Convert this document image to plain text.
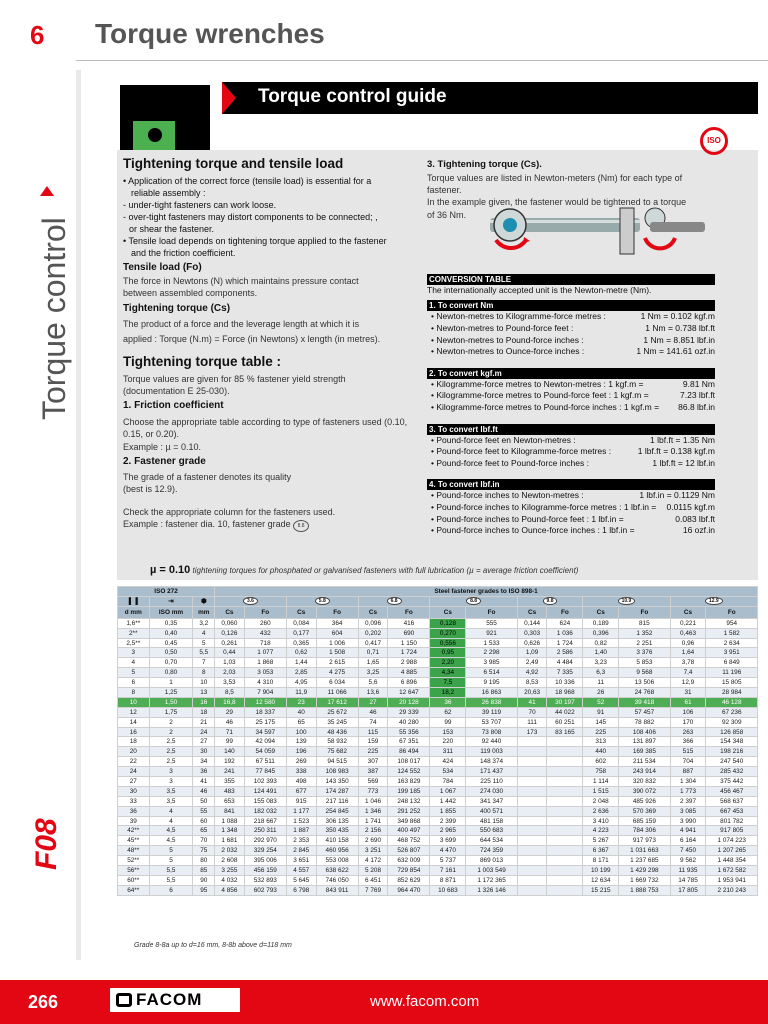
6 Torque wrenches
Torque control
F08
Torque control guide
ISO
Tightening torque and tensile load
• Application of the correct force (tensile load) is essential for a
reliable assembly :
- under-tight fasteners can work loose.
- over-tight fasteners may distort components to be connected; ,
or shear the fastener.
• Tensile load depends on tightening torque applied to the fastener
and the friction coefficient.
Tensile load (Fo)
The force in Newtons (N) which maintains pressure contact
between assembled components.
Tightening torque (Cs)
The product of a force and the leverage length at which it is
applied : Torque (N.m) = Force (in Newtons) x length (in metres).
Tightening torque table :
Torque values are given for 85 % fastener yield strength
(documentation E 25-030).
1. Friction coefficient
Choose the appropriate table according to type of fasteners used (0.10,
0.15, or 0.20).
Example : µ = 0.10.
2. Fastener grade
The grade of a fastener denotes its quality
(best is 12.9).
Check the appropriate column for the fasteners used.
Example : fastener dia. 10, fastener grade 8.8
3. Tightening torque (Cs).
Torque values are listed in Newton-meters (Nm) for each type of fastener.
In the example given, the fastener would be tightened to a torque
of 36 Nm.
CONVERSION TABLE
The internationally accepted unit is the Newton-metre (Nm).
1. To convert Nm
• Newton-metres to Kilogramme-force metres :	1 Nm = 0.102 kgf.m
• Newton-metres to Pound-force feet :	1 Nm = 0.738 lbf.ft
• Newton-metres to Pound-force inches :	1 Nm = 8.851 lbf.in
• Newton-metres to Ounce-force inches :	1 Nm = 141.61 ozf.in
2. To convert kgf.m
• Kilogramme-force metres to Newton-metres : 1 kgf.m =	9.81 Nm
• Kilogramme-force metres to Pound-force feet : 1 kgf.m =	7.23 lbf.ft
• Kilogramme-force metres to Pound-force inches : 1 kgf.m = 86.8 lbf.in
3. To convert lbf.ft
• Pound-force feet en Newton-metres :	1 lbf.ft = 1.35 Nm
• Pound-force feet to Kilogramme-force metres :	1 lbf.ft = 0.138 kgf.m
• Pound-force feet to Pound-force inches :	1 lbf.ft = 12 lbf.in
4. To convert lbf.in
• Pound-force inches to Newton-metres :	1 lbf.in = 0.1129 Nm
• Pound-force inches to Kilogramme-force metres : 1 lbf.in = 0.0115 kgf.m
• Pound-force inches to Pound-force feet : 1 lbf.in =	0.083 lbf.ft
• Pound-force inches to Ounce-force inches : 1 lbf.in =	16 ozf.in
µ = 0.10 tightening torques for phosphated or galvanised fasteners with full lubrication (µ = average friction coefficient)
ISO 272			Steel fastener grades to ISO 898-1													
▌▐	⇥	⬢	3.6		5.8		6.8		8.8		9.8		10.9		12.9	
d mm	ISO mm	mm	Cs	Fo	Cs	Fo	Cs	Fo	Cs	Fo	Cs	Fo	Cs	Fo	Cs	Fo
1,6**	0,35	3,2	0,060	260	0,084	364	0,096	416	0,128	555	0,144	624	0,189	815	0,221	954
2**	0,40	4	0,126	432	0,177	604	0,202	690	0,270	921	0,303	1 036	0,396	1 352	0,463	1 582
2,5**	0,45	5	0,261	718	0,365	1 006	0,417	1 150	0,556	1 533	0,626	1 724	0,82	2 251	0,96	2 634
3	0,50	5,5	0,44	1 077	0,62	1 508	0,71	1 724	0,95	2 298	1,09	2 586	1,40	3 376	1,64	3 951
4	0,70	7	1,03	1 868	1,44	2 615	1,65	2 988	2,20	3 985	2,49	4 484	3,23	5 853	3,78	6 849
5	0,80	8	2,03	3 053	2,85	4 275	3,25	4 885	4,34	6 514	4,92	7 335	6,3	9 568	7,4	11 196
6	1	10	3,53	4 310	4,95	6 034	5,6	6 896	7,5	9 195	8,53	10 336	11	13 506	12,9	15 805
8	1,25	13	8,5	7 904	11,9	11 066	13,6	12 647	18,2	16 863	20,63	18 968	26	24 768	31	28 984
10	1,50	16	16,8	12 580	23	17 612	27	20 128	36	26 838	41	30 197	52	39 418	61	46 128
12	1,75	18	29	18 337	40	25 672	46	29 339	62	39 119	70	44 022	91	57 457	106	67 236
14	2	21	46	25 175	65	35 245	74	40 280	99	53 707	111	60 251	145	78 882	170	92 309
16	2	24	71	34 597	100	48 436	115	55 356	153	73 808	173	83 165	225	108 406	263	126 858
18	2,5	27	99	42 094	139	58 932	159	67 351	220	92 440			313	131 897	366	154 348
20	2,5	30	140	54 059	196	75 682	225	86 494	311	119 003			440	169 385	515	198 216
22	2,5	34	192	67 511	269	94 515	307	108 017	424	148 374			602	211 534	704	247 540
24	3	36	241	77 845	338	108 983	387	124 552	534	171 437			758	243 914	887	285 432
27	3	41	355	102 393	498	143 350	569	163 829	784	225 110			1 114	320 832	1 304	375 442
30	3,5	46	483	124 491	677	174 287	773	199 185	1 067	274 030			1 515	390 072	1 773	456 467
33	3,5	50	653	155 083	915	217 116	1 046	248 132	1 442	341 347			2 048	485 926	2 397	568 637
36	4	55	841	182 032	1 177	254 845	1 346	291 252	1 855	400 571			2 636	570 369	3 085	667 453
39	4	60	1 088	218 667	1 523	306 135	1 741	349 868	2 399	481 158			3 410	685 159	3 990	801 782
42**	4,5	65	1 348	250 311	1 887	350 435	2 156	400 497	2 965	550 683			4 223	784 306	4 941	917 805
45**	4,5	70	1 681	292 970	2 353	410 158	2 690	468 752	3 699	644 534			5 267	917 973	6 164	1 074 223
48**	5	75	2 032	329 254	2 845	460 956	3 251	526 807	4 470	724 359			6 367	1 031 663	7 450	1 207 265
52**	5	80	2 608	395 006	3 651	553 008	4 172	632 009	5 737	869 013			8 171	1 237 685	9 562	1 448 354
56**	5,5	85	3 255	456 159	4 557	638 622	5 208	729 854	7 161	1 003 549			10 199	1 429 298	11 935	1 672 582
60**	5,5	90	4 032	532 893	5 645	746 050	6 451	852 629	8 871	1 172 365			12 634	1 669 732	14 785	1 953 941
64**	6	95	4 856	602 793	6 798	843 911	7 769	964 470	10 683	1 326 146			15 215	1 888 753	17 805	2 210 243
Grade 8-8a up to d=16 mm, 8-8b above d=118 mm
266	FACOM	www.facom.com
